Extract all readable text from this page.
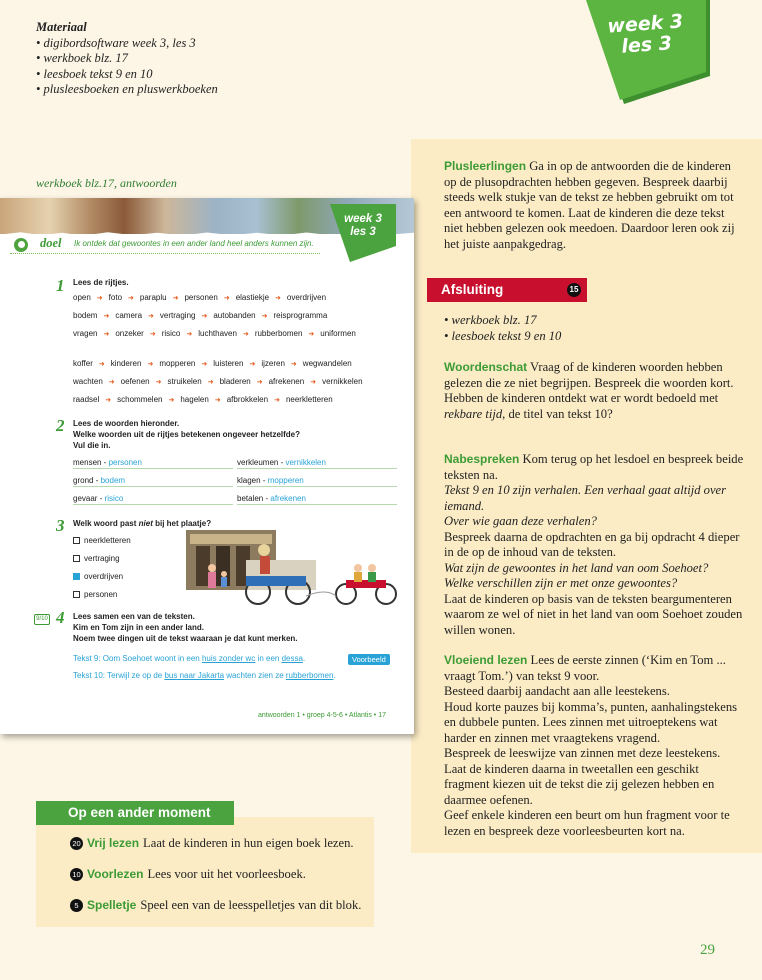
Materiaal
• digibordsoftware week 3, les 3
• werkboek blz. 17
• leesboek tekst 9 en 10
• plusleesboeken en pluswerkboeken
week 3
les 3
Plusleerlingen Ga in op de antwoorden die de kinderen op de plusopdrachten hebben gegeven. Bespreek daarbij steeds welk stukje van de tekst ze hebben gebruikt om tot een antwoord te komen. Laat de kinderen die deze tekst niet hebben gelezen ook meedoen. Daardoor leren ook zij het juiste aanpakgedrag.
Afsluiting	15
• werkboek blz. 17
• leesboek tekst 9 en 10
Woordenschat Vraag of de kinderen woorden hebben gelezen die ze niet begrijpen. Bespreek die woorden kort.
Hebben de kinderen ontdekt wat er wordt bedoeld met rekbare tijd, de titel van tekst 10?
Nabespreken Kom terug op het lesdoel en bespreek beide teksten na.
Tekst 9 en 10 zijn verhalen. Een verhaal gaat altijd over iemand.
Over wie gaan deze verhalen?
Bespreek daarna de opdrachten en ga bij opdracht 4 dieper in de op de inhoud van de teksten.
Wat zijn de gewoontes in het land van oom Soehoet?
Welke verschillen zijn er met onze gewoontes?
Laat de kinderen op basis van de teksten beargumenteren waarom ze wel of niet in het land van oom Soehoet zouden willen wonen.
Vloeiend lezen Lees de eerste zinnen (‘Kim en Tom ... vraagt Tom.’) van tekst 9 voor.
Besteed daarbij aandacht aan alle leestekens.
Houd korte pauzes bij komma’s, punten, aanhalingstekens en dubbele punten. Lees zinnen met uitroeptekens wat harder en zinnen met vraagtekens vragend.
Bespreek de leeswijze van zinnen met deze leestekens.
Laat de kinderen daarna in tweetallen een geschikt fragment kiezen uit de tekst die zij gelezen hebben en daarmee oefenen.
Geef enkele kinderen een beurt om hun fragment voor te lezen en bespreek deze voorleesbeurten kort na.
werkboek blz.17, antwoorden
week 3
les 3
doel Ik ontdek dat gewoontes in een ander land heel anders kunnen zijn.
1 Lees de rijtjes.
open ➜ foto ➜ paraplu ➜ personen ➜ elastiekje ➜ overdrijven
bodem ➜ camera ➜ vertraging ➜ autobanden ➜ reisprogramma
vragen ➜ onzeker ➜ risico ➜ luchthaven ➜ rubberbomen ➜ uniformen
koffer ➜ kinderen ➜ mopperen ➜ luisteren ➜ ijzeren ➜ wegwandelen
wachten ➜ oefenen ➜ struikelen ➜ bladeren ➜ afrekenen ➜ vernikkelen
raadsel ➜ schommelen ➜ hagelen ➜ afbrokkelen ➜ neerkletteren
2 Lees de woorden hieronder.
Welke woorden uit de rijtjes betekenen ongeveer hetzelfde?
Vul die in.
mensen - personen	verkleumen - vernikkelen
grond - bodem	klagen - mopperen
gevaar - risico	betalen - afrekenen
3 Welk woord past niet bij het plaatje?
neerkletteren
vertraging
overdrijven
personen
9/10 4 Lees samen een van de teksten.
Kim en Tom zijn in een ander land.
Noem twee dingen uit de tekst waaraan je dat kunt merken.
Tekst 9: Oom Soehoet woont in een huis zonder wc in een dessa.
Tekst 10: Terwijl ze op de bus naar Jakarta wachten zien ze rubberbomen.
Voorbeeld
antwoorden 1 • groep 4-5-6 • Atlantis • 17
20 Vrij lezen Laat de kinderen in hun eigen boek lezen.
10 Voorlezen Lees voor uit het voorleesboek.
5 Spelletje Speel een van de leesspelletjes van dit blok.
Op een ander moment
29
